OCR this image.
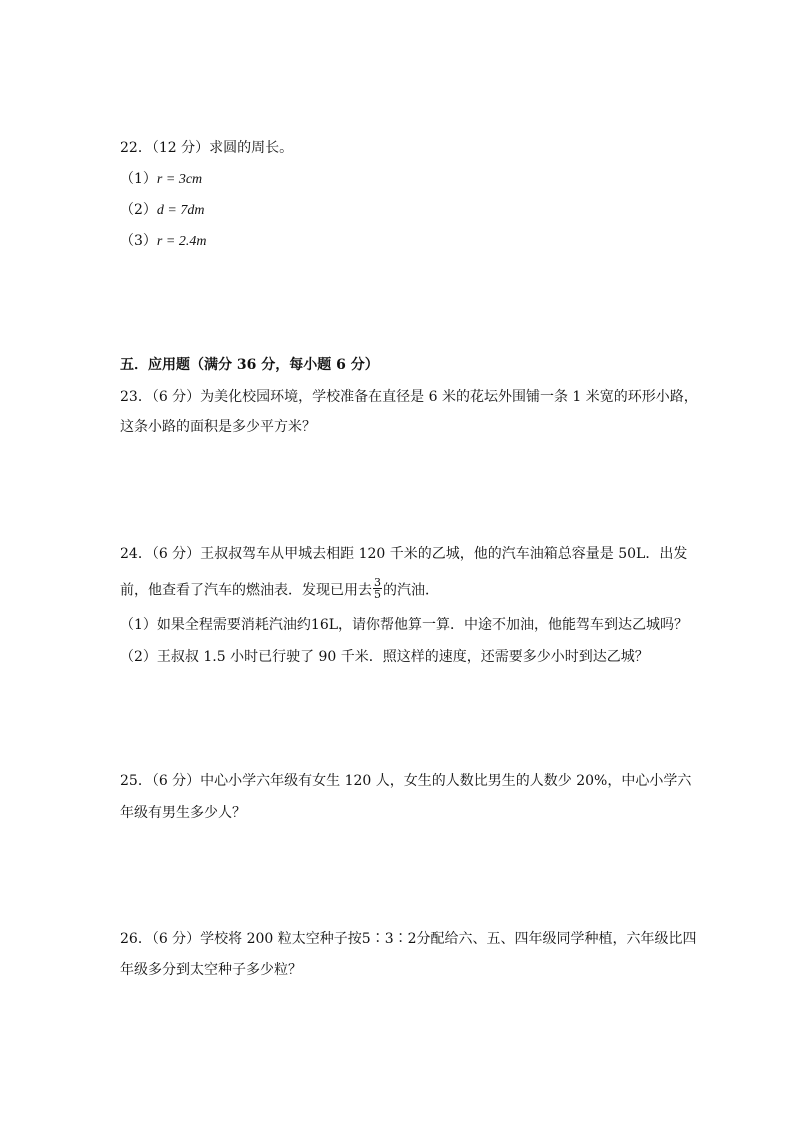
22．（12 分）求圆的周长。
（1）r = 3cm
（2）d = 7dm
（3）r = 2.4m
五．应用题（满分 36 分，每小题 6 分）
23．（6 分）为美化校园环境，学校准备在直径是 6 米的花坛外围铺一条 1 米宽的环形小路，
这条小路的面积是多少平方米？
24．（6 分）王叔叔驾车从甲城去相距 120 千米的乙城，他的汽车油箱总容量是 50L．出发
前，他查看了汽车的燃油表．发现已用去 $\frac{3}{5}$ 的汽油．
（1）如果全程需要消耗汽油约16L，请你帮他算一算．中途不加油，他能驾车到达乙城吗？
（2）王叔叔 1.5 小时已行驶了 90 千米．照这样的速度，还需要多少小时到达乙城？
25．（6 分）中心小学六年级有女生 120 人，女生的人数比男生的人数少 20%，中心小学六
年级有男生多少人？
26．（6 分）学校将 200 粒太空种子按5∶3∶2分配给六、五、四年级同学种植，六年级比四
年级多分到太空种子多少粒？
